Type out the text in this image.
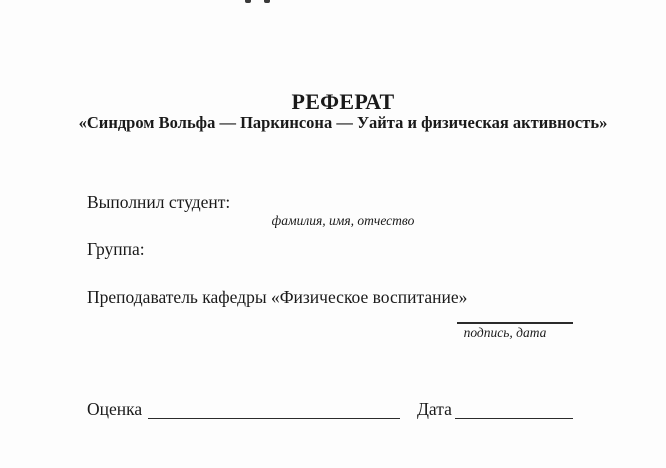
РЕФЕРАТ
«Синдром Вольфа — Паркинсона — Уайта и физическая активность»
Выполнил студент:
фамилия, имя, отчество
Группа:
Преподаватель кафедры «Физическое воспитание»
подпись, дата
Оценка	Дата
